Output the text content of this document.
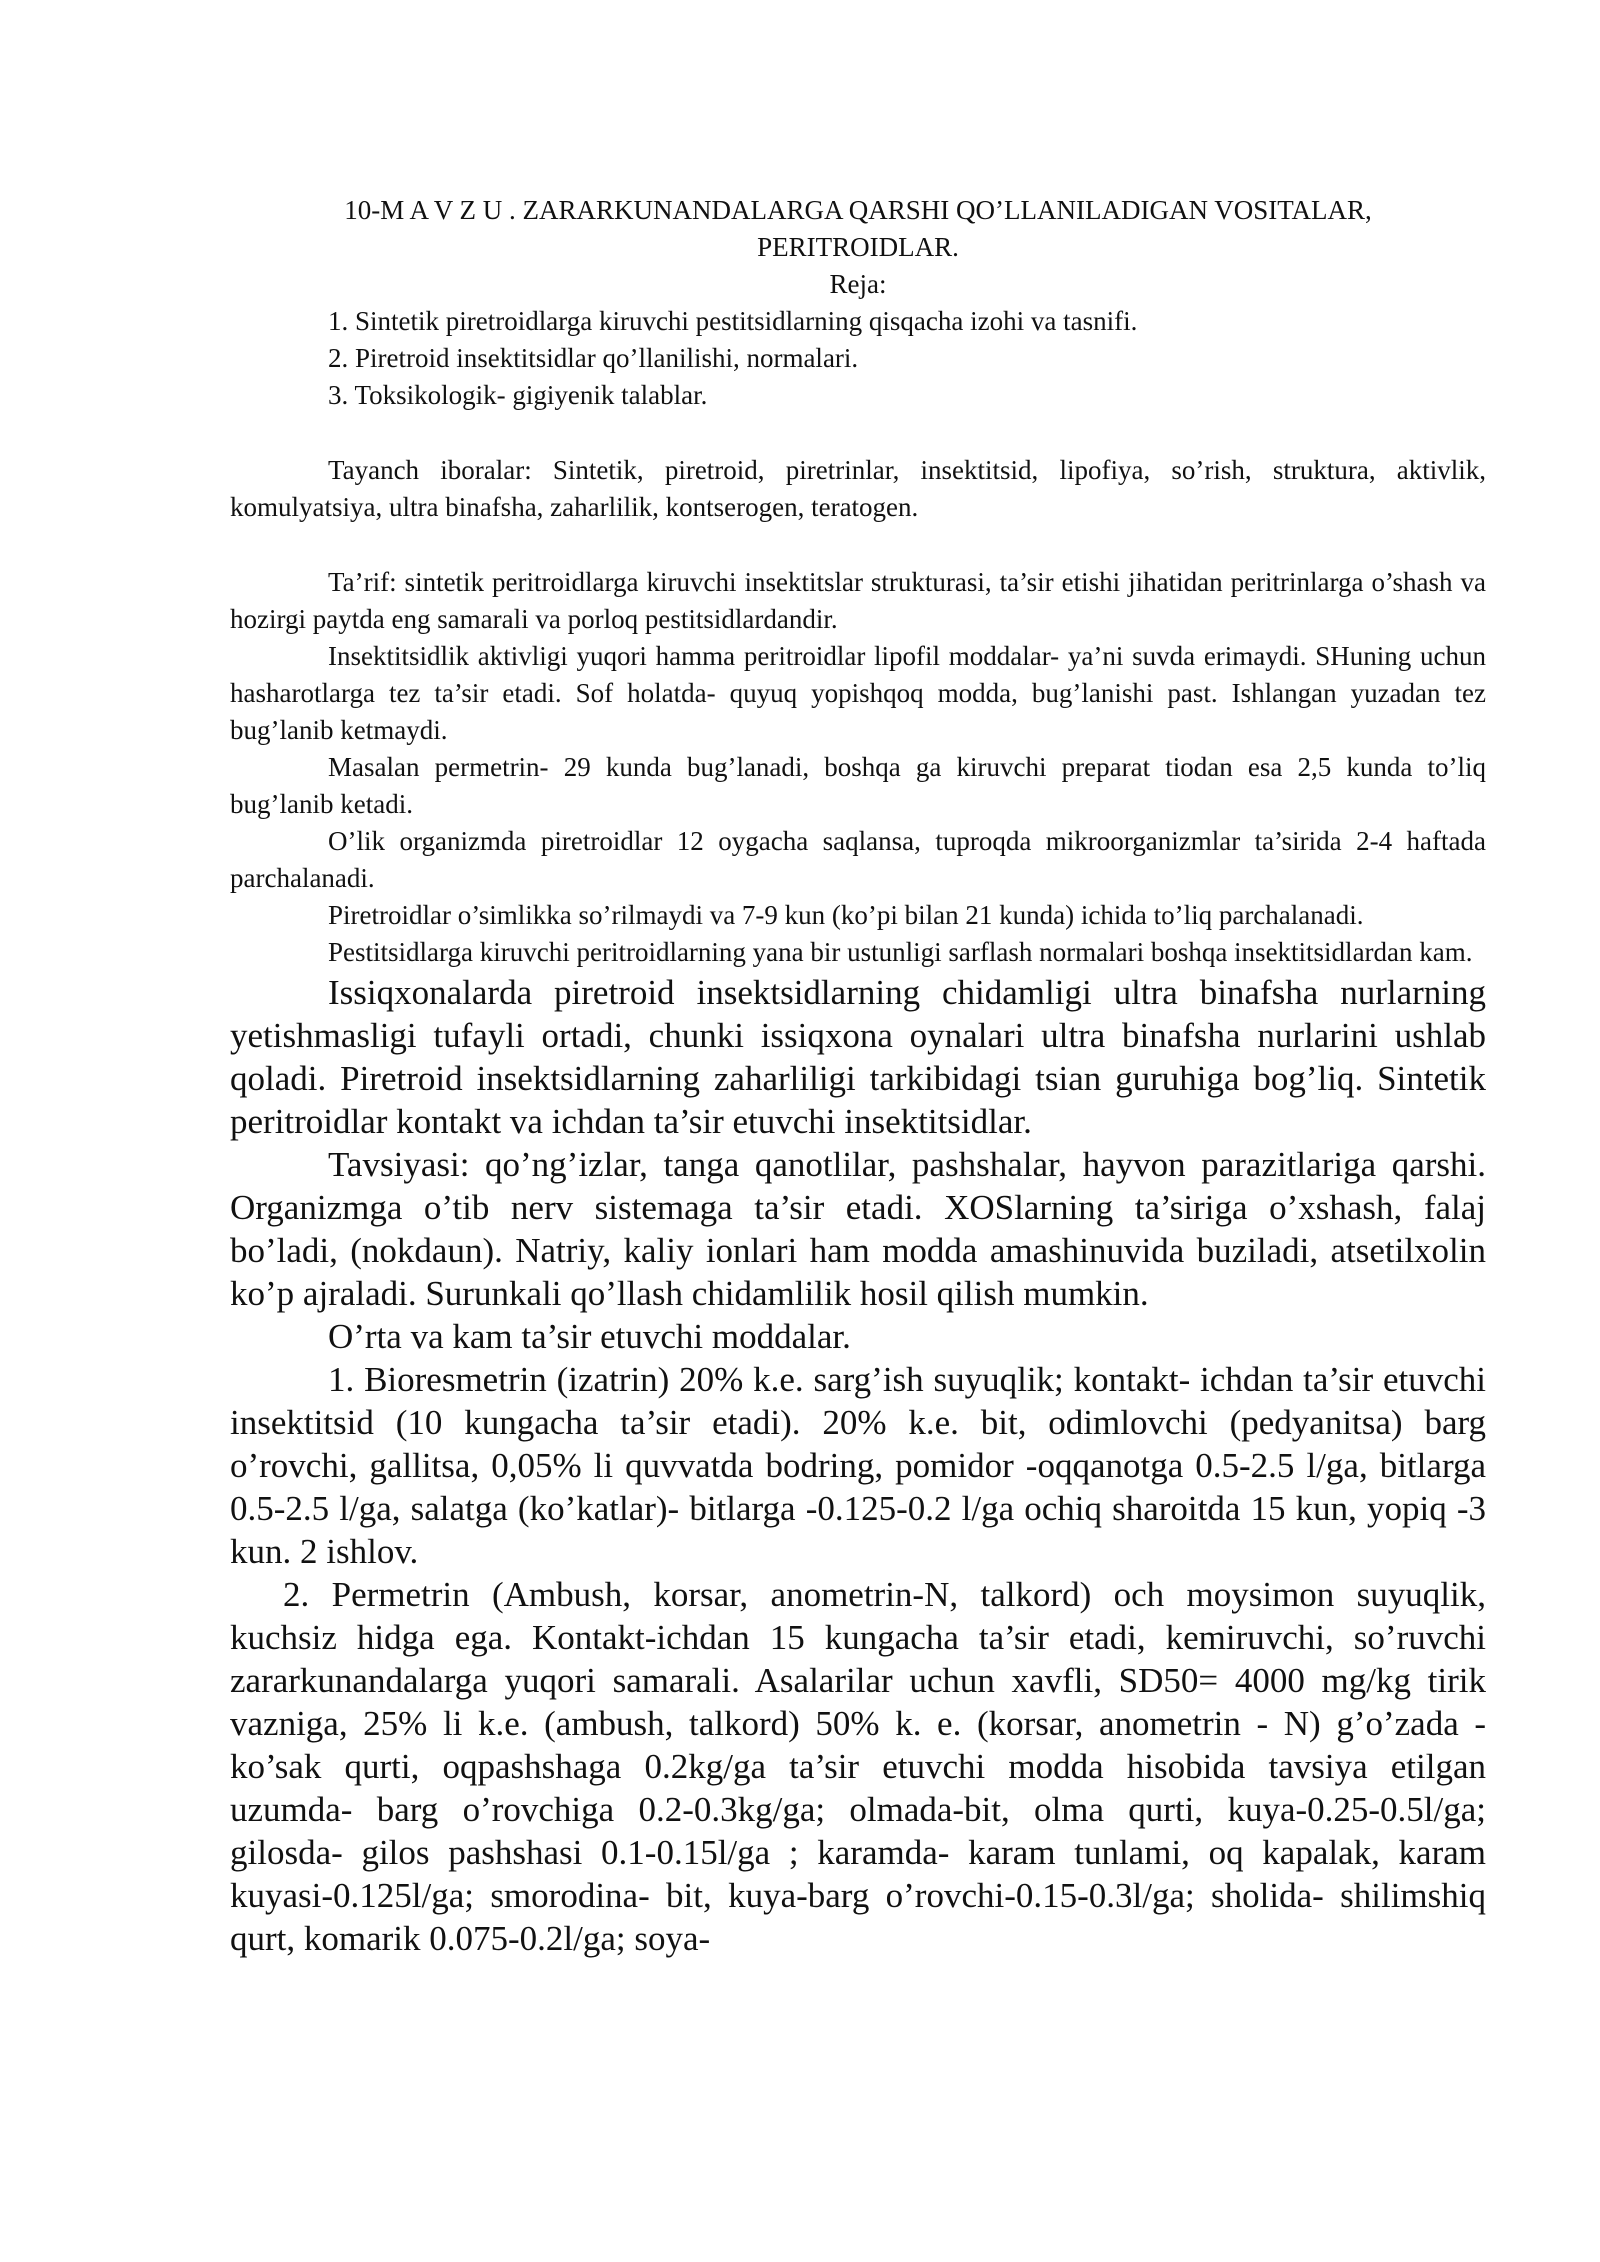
10-M A V Z U . ZARARKUNANDALARGA QARSHI QO’LLANILADIGAN VOSITALAR,
PERITROIDLAR.

Reja:

1. Sintetik piretroidlarga kiruvchi pestitsidlarning qisqacha izohi va tasnifi.
2. Piretroid insektitsidlar qo’llanilishi, normalari.
3. Toksikologik- gigiyenik talablar.

Tayanch iboralar: Sintetik, piretroid, piretrinlar, insektitsid, lipofiya, so’rish, struktura, aktivlik, komulyatsiya, ultra binafsha, zaharlilik, kontserogen, teratogen.

Ta’rif: sintetik peritroidlarga kiruvchi insektitslar strukturasi, ta’sir etishi jihatidan peritrinlarga o’shash va hozirgi paytda eng samarali va porloq pestitsidlardandir.

Insektitsidlik aktivligi yuqori hamma peritroidlar lipofil moddalar- ya’ni suvda erimaydi. SHuning uchun hasharotlarga tez ta’sir etadi. Sof holatda- quyuq yopishqoq modda, bug’lanishi past. Ishlangan yuzadan tez bug’lanib ketmaydi.

Masalan permetrin- 29 kunda bug’lanadi, boshqa ga kiruvchi preparat tiodan esa 2,5 kunda to’liq bug’lanib ketadi.

O’lik organizmda piretroidlar 12 oygacha saqlansa, tuproqda mikroorganizmlar ta’sirida 2-4 haftada parchalanadi.

Piretroidlar o’simlikka so’rilmaydi va 7-9 kun (ko’pi bilan 21 kunda) ichida to’liq parchalanadi.

Pestitsidlarga kiruvchi peritroidlarning yana bir ustunligi sarflash normalari boshqa insektitsidlardan kam.

Issiqxonalarda piretroid insektsidlarning chidamligi ultra binafsha nurlarning yetishmasligi tufayli ortadi, chunki issiqxona oynalari ultra binafsha nurlarini ushlab qoladi. Piretroid insektsidlarning zaharliligi tarkibidagi tsian guruhiga bog’liq. Sintetik peritroidlar kontakt va ichdan ta’sir etuvchi insektitsidlar.

Tavsiyasi: qo’ng’izlar, tanga qanotlilar, pashshalar, hayvon parazitlariga qarshi. Organizmga o’tib nerv sistemaga ta’sir etadi. XOSlarning ta’siriga o’xshash, falaj bo’ladi, (nokdaun). Natriy, kaliy ionlari ham modda amashinuvida buziladi, atsetilxolin ko’p ajraladi. Surunkali qo’llash chidamlilik hosil qilish mumkin.

O’rta va kam ta’sir etuvchi moddalar.

1. Bioresmetrin (izatrin) 20% k.e. sarg’ish suyuqlik; kontakt- ichdan ta’sir etuvchi insektitsid (10 kungacha ta’sir etadi). 20% k.e. bit, odimlovchi (pedyanitsa) barg o’rovchi, gallitsa, 0,05% li quvvatda bodring, pomidor -oqqanotga 0.5-2.5 l/ga, bitlarga 0.5-2.5 l/ga, salatga (ko’katlar)- bitlarga -0.125-0.2 l/ga ochiq sharoitda 15 kun, yopiq -3 kun. 2 ishlov.

2. Permetrin (Ambush, korsar, anometrin-N, talkord) och moysimon suyuqlik, kuchsiz hidga ega. Kontakt-ichdan 15 kungacha ta’sir etadi, kemiruvchi, so’ruvchi zararkunandalarga yuqori samarali. Asalarilar uchun xavfli, SD50= 4000 mg/kg tirik vazniga, 25% li k.e. (ambush, talkord) 50% k. e. (korsar, anometrin - N) g’o’zada - ko’sak qurti, oqpashshaga 0.2kg/ga ta’sir etuvchi modda hisobida tavsiya etilgan uzumda- barg o’rovchiga 0.2-0.3kg/ga; olmada-bit, olma qurti, kuya-0.25-0.5l/ga; gilosda- gilos pashshasi 0.1-0.15l/ga ; karamda- karam tunlami, oq kapalak, karam kuyasi-0.125l/ga; smorodina- bit, kuya-barg o’rovchi-0.15-0.3l/ga; sholida- shilimshiq qurt, komarik 0.075-0.2l/ga; soya-
